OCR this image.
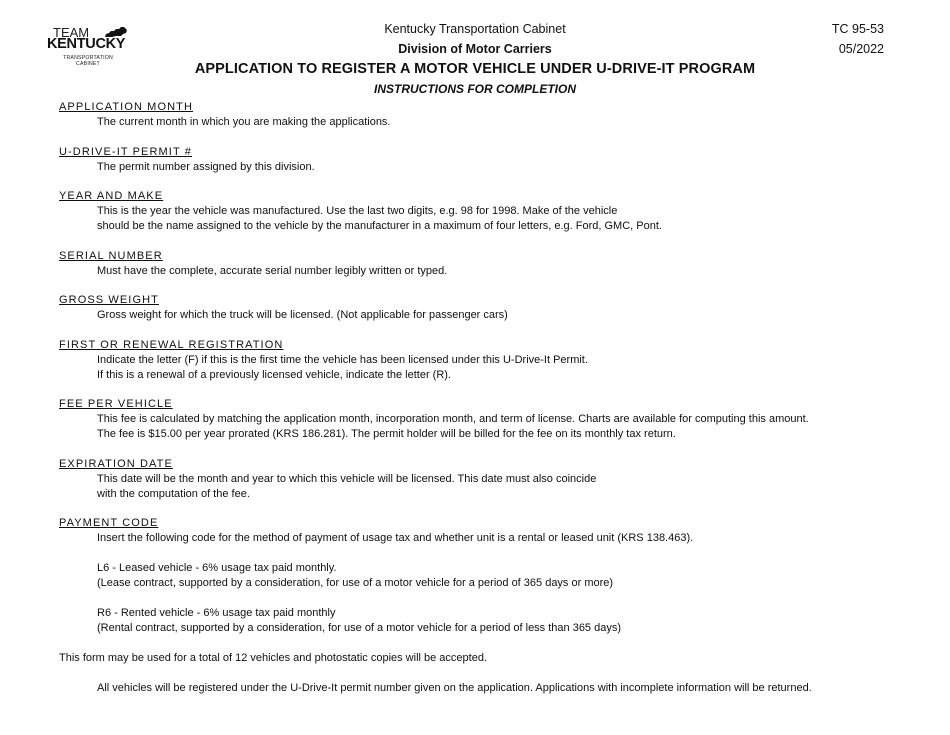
TEAM
KENTUCKY
TRANSPORTATION CABINET
Kentucky Transportation Cabinet
Division of Motor Carriers
APPLICATION TO REGISTER A MOTOR VEHICLE UNDER U-DRIVE-IT PROGRAM
INSTRUCTIONS FOR COMPLETION
TC 95-53
05/2022
APPLICATION MONTH
The current month in which you are making the applications.
U-DRIVE-IT PERMIT #
The permit number assigned by this division.
YEAR AND MAKE
This is the year the vehicle was manufactured. Use the last two digits, e.g. 98 for 1998. Make of the vehicle
should be the name assigned to the vehicle by the manufacturer in a maximum of four letters, e.g. Ford, GMC, Pont.
SERIAL NUMBER
Must have the complete, accurate serial number legibly written or typed.
GROSS WEIGHT
Gross weight for which the truck will be licensed. (Not applicable for passenger cars)
FIRST OR RENEWAL REGISTRATION
Indicate the letter (F) if this is the first time the vehicle has been licensed under this U-Drive-It Permit.
If this is a renewal of a previously licensed vehicle, indicate the letter (R).
FEE PER VEHICLE
This fee is calculated by matching the application month, incorporation month, and term of license. Charts are available for computing this amount.
The fee is $15.00 per year prorated (KRS 186.281). The permit holder will be billed for the fee on its monthly tax return.
EXPIRATION DATE
This date will be the month and year to which this vehicle will be licensed. This date must also coincide
with the computation of the fee.
PAYMENT CODE
Insert the following code for the method of payment of usage tax and whether unit is a rental or leased unit (KRS 138.463).
L6 - Leased vehicle - 6% usage tax paid monthly.
(Lease contract, supported by a consideration, for use of a motor vehicle for a period of 365 days or more)
R6 - Rented vehicle - 6% usage tax paid monthly
(Rental contract, supported by a consideration, for use of a motor vehicle for a period of less than 365 days)
This form may be used for a total of 12 vehicles and photostatic copies will be accepted.
All vehicles will be registered under the U-Drive-It permit number given on the application. Applications with incomplete information will be returned.
